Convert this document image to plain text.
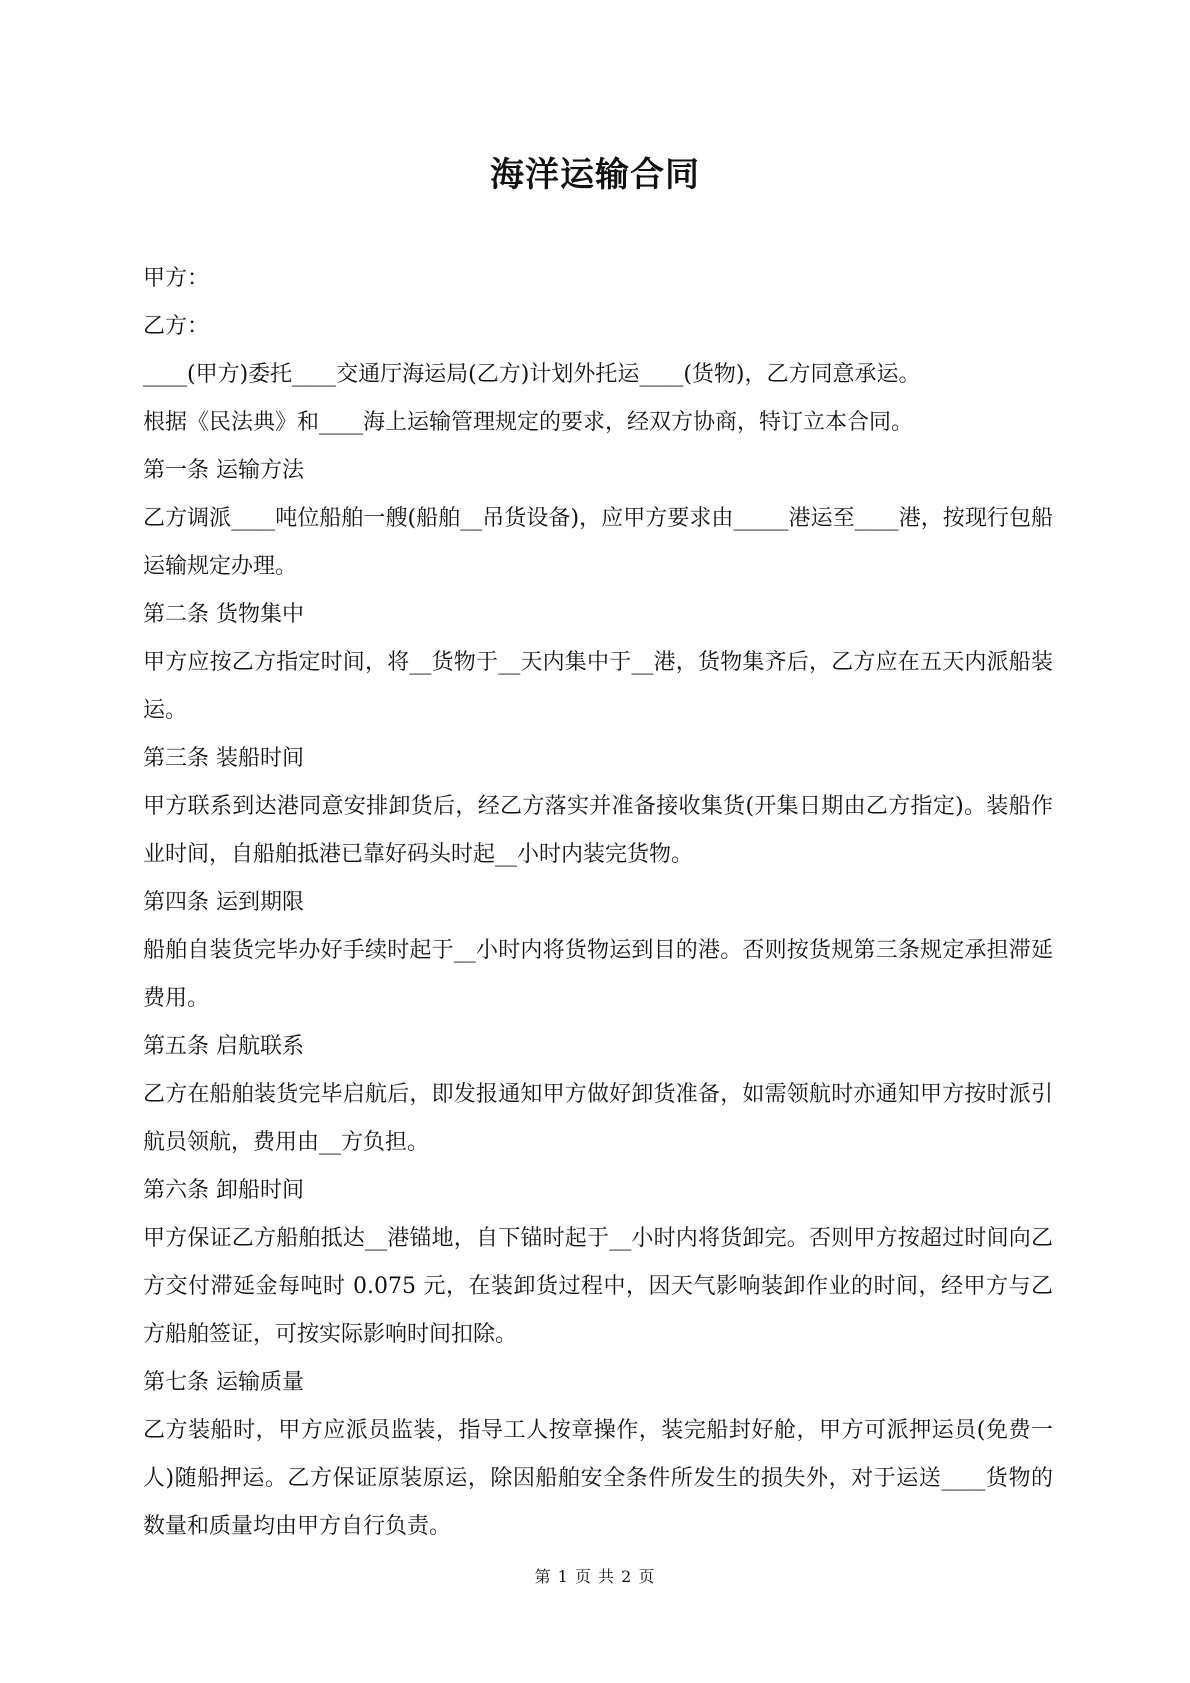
海洋运输合同

甲方：

乙方：

____(甲方)委托____交通厅海运局(乙方)计划外托运____(货物)，乙方同意承运。

根据《民法典》和____海上运输管理规定的要求，经双方协商，特订立本合同。

第一条 运输方法

乙方调派____吨位船舶一艘(船舶__吊货设备)，应甲方要求由_____港运至____港，按现行包船运输规定办理。

第二条 货物集中

甲方应按乙方指定时间，将__货物于__天内集中于__港，货物集齐后，乙方应在五天内派船装运。

第三条 装船时间

甲方联系到达港同意安排卸货后，经乙方落实并准备接收集货(开集日期由乙方指定)。装船作业时间，自船舶抵港已靠好码头时起__小时内装完货物。

第四条 运到期限

船舶自装货完毕办好手续时起于__小时内将货物运到目的港。否则按货规第三条规定承担滞延费用。

第五条 启航联系

乙方在船舶装货完毕启航后，即发报通知甲方做好卸货准备，如需领航时亦通知甲方按时派引航员领航，费用由__方负担。

第六条 卸船时间

甲方保证乙方船舶抵达__港锚地，自下锚时起于__小时内将货卸完。否则甲方按超过时间向乙方交付滞延金每吨时 0.075 元，在装卸货过程中，因天气影响装卸作业的时间，经甲方与乙方船舶签证，可按实际影响时间扣除。

第七条 运输质量

乙方装船时，甲方应派员监装，指导工人按章操作，装完船封好舱，甲方可派押运员(免费一人)随船押运。乙方保证原装原运，除因船舶安全条件所发生的损失外，对于运送____货物的数量和质量均由甲方自行负责。

第 1 页 共 2 页
